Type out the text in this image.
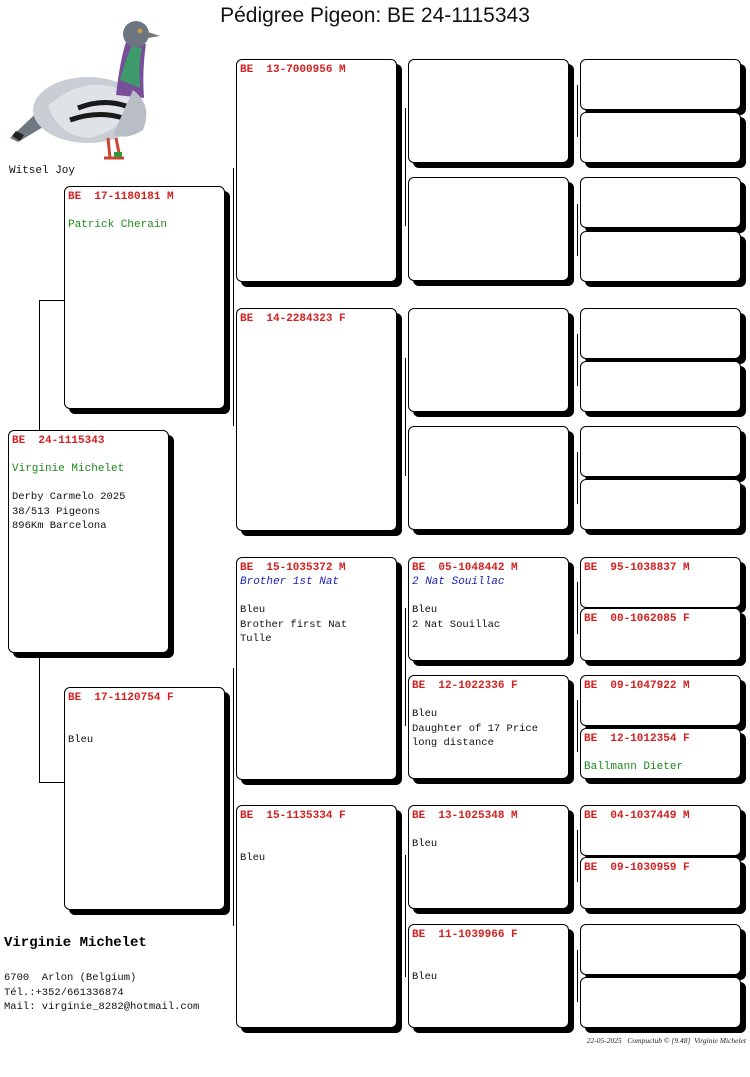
Pédigree Pigeon: BE 24-1115343
Witsel Joy
BE  24-1115343
Virginie Michelet
Derby Carmelo 2025
38/513 Pigeons
896Km Barcelona
BE  17-1180181 M
Patrick Cherain
BE  17-1120754 F
Bleu
BE  13-7000956 M
BE  14-2284323 F
BE  15-1035372 M
Brother 1st Nat
Bleu
Brother first Nat
Tulle
BE  15-1135334 F
Bleu
BE  05-1048442 M
2 Nat Souillac
Bleu
2 Nat Souillac
BE  12-1022336 F
Bleu
Daughter of 17 Price
long distance
BE  13-1025348 M
Bleu
BE  11-1039966 F
Bleu
BE  95-1038837 M
BE  00-1062085 F
BE  09-1047922 M
BE  12-1012354 F
Ballmann Dieter
BE  04-1037449 M
BE  09-1030959 F
Virginie Michelet
6700  Arlon (Belgium)
Tél.:+352/661336874
Mail: virginie_8282@hotmail.com
22-05-2025   Compuclub © [9.48]  Virginie Michelet
